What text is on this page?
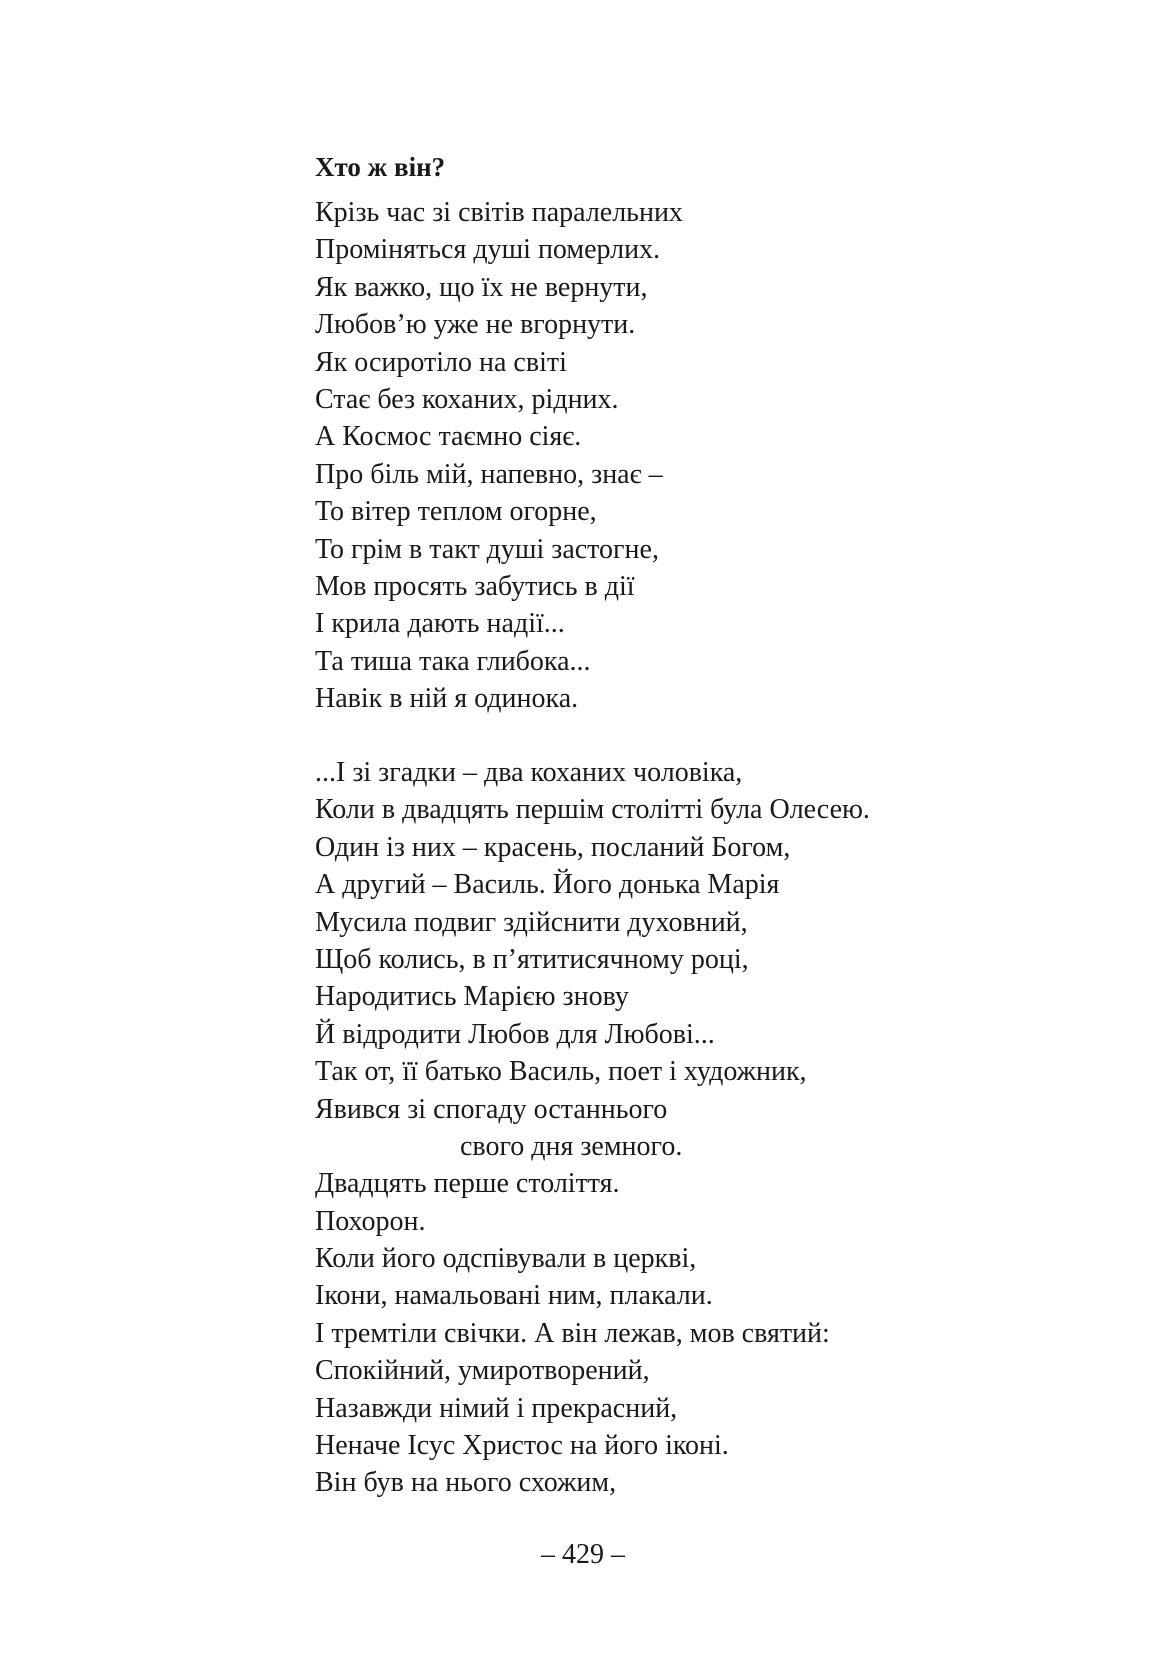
Хто ж він?
Крізь час зі світів паралельних
Проміняться душі померлих.
Як важко, що їх не вернути,
Любов’ю уже не вгорнути.
Як осиротіло на світі
Стає без коханих, рідних.
А Космос таємно сіяє.
Про біль мій, напевно, знає –
То вітер теплом огорне,
То грім в такт душі застогне,
Мов просять забутись в дії
І крила дають надії...
Та тиша така глибока...
Навік в ній я одинока.
...І зі згадки – два коханих чоловіка,
Коли в двадцять першім столітті була Олесею.
Один із них – красень, посланий Богом,
А другий – Василь. Його донька Марія
Мусила подвиг здійснити духовний,
Щоб колись, в п’ятитисячному році,
Народитись Марією знову
Й відродити Любов для Любові...
Так от, її батько Василь, поет і художник,
Явився зі спогаду останнього
свого дня земного.
Двадцять перше століття.
Похорон.
Коли його одспівували в церкві,
Ікони, намальовані ним, плакали.
І тремтіли свічки. А він лежав, мов святий:
Спокійний, умиротворений,
Назавжди німий і прекрасний,
Неначе Ісус Христос на його іконі.
Він був на нього схожим,
– 429 –
